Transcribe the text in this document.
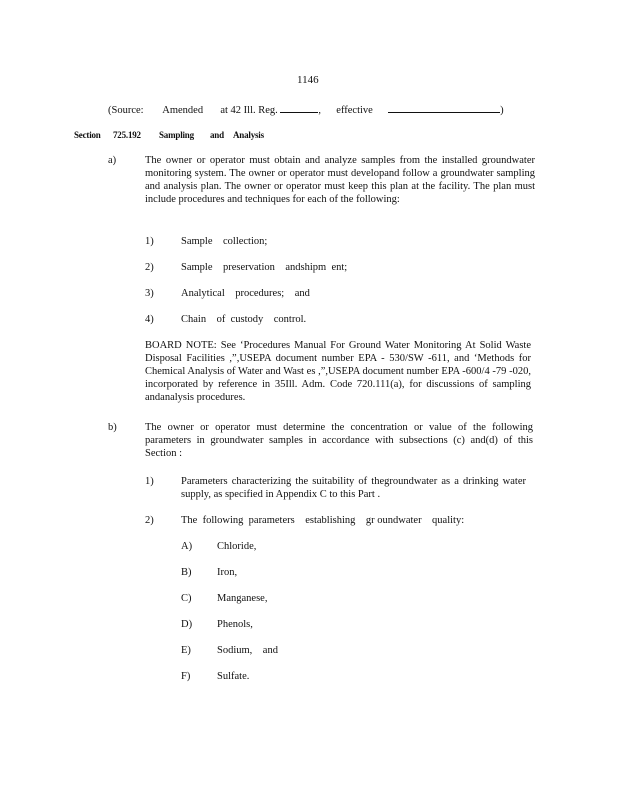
1146
(Source: Amended at 42 Ill. Reg.	, effective	)
Section 725.192 Sampling and Analysis
a)	The owner or operator must obtain and analyze samples from the installed groundwater monitoring system. The owner or operator must developand follow a groundwater sampling and analysis plan. The owner or operator must keep this plan at the facility. The plan must include procedures and techniques for each of the following:
1)	Sample    collection;
2)	Sample    preservation    andshipm  ent;
3)	Analytical    procedures;    and
4)	Chain    of  custody    control.
BOARD NOTE: See ‘Procedures Manual For Ground Water Monitoring At Solid Waste Disposal Facilities ,”,USEPA document number EPA - 530/SW -611, and ‘Methods for Chemical Analysis of Water and Wast es ,”,USEPA document number EPA -600/4 -79 -020, incorporated by reference in 35Ill. Adm. Code 720.111(a), for discussions of sampling andanalysis procedures.
b)	The owner or operator must determine the concentration or value of the following parameters in groundwater samples in accordance with subsections (c) and(d) of this Section :
1)	Parameters characterizing the suitability of thegroundwater as a drinking water supply, as specified in Appendix C to this Part .
2)	The  following  parameters    establishing    gr oundwater    quality:
A) Chloride,
B) Iron,
C) Manganese,
D) Phenols,
E) Sodium,    and
F)	Sulfate.
